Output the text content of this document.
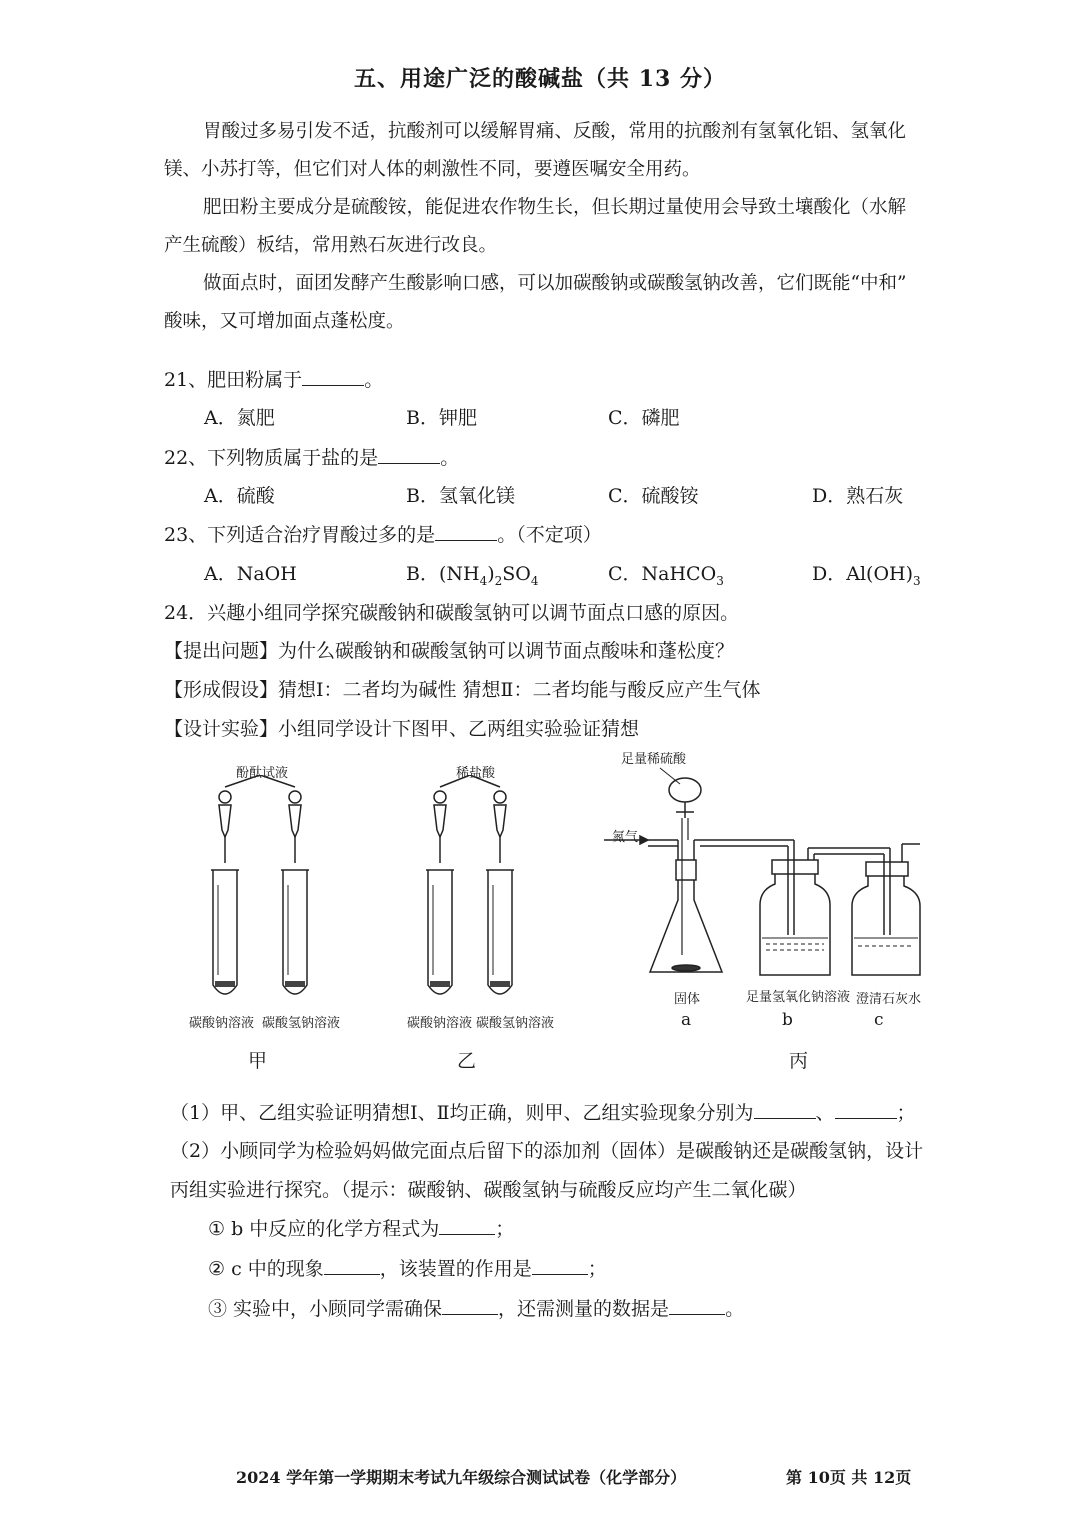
五、用途广泛的酸碱盐（共 13 分）
胃酸过多易引发不适，抗酸剂可以缓解胃痛、反酸，常用的抗酸剂有氢氧化铝、氢氧化
镁、小苏打等，但它们对人体的刺激性不同，要遵医嘱安全用药。
肥田粉主要成分是硫酸铵，能促进农作物生长，但长期过量使用会导致土壤酸化（水解
产生硫酸）板结，常用熟石灰进行改良。
做面点时，面团发酵产生酸影响口感，可以加碳酸钠或碳酸氢钠改善，它们既能“中和”
酸味，又可增加面点蓬松度。
21、肥田粉属于	。
A．氮肥	B．钾肥	C．磷肥
22、下列物质属于盐的是	。
A．硫酸	B．氢氧化镁	C．硫酸铵	D．熟石灰
23、下列适合治疗胃酸过多的是	。（不定项）
A．NaOH	B．$(NH_4)_2SO_4$	C．NaHCO$_3$	D．$Al(OH)_3$
24．兴趣小组同学探究碳酸钠和碳酸氢钠可以调节面点口感的原因。
【提出问题】为什么碳酸钠和碳酸氢钠可以调节面点酸味和蓬松度？
【形成假设】猜想Ⅰ：二者均为碱性 猜想Ⅱ：二者均能与酸反应产生气体
【设计实验】小组同学设计下图甲、乙两组实验验证猜想
酚酞试液
碳酸钠溶液 碳酸氢钠溶液
甲
稀盐酸
碳酸钠溶液 碳酸氢钠溶液
乙
足量稀硫酸
氮气
固体	足量氢氧化钠溶液 澄清石灰水
a	b	c
丙
（1）甲、乙组实验证明猜想Ⅰ、Ⅱ均正确，则甲、乙组实验现象分别为	、	；
（2）小顾同学为检验妈妈做完面点后留下的添加剂（固体）是碳酸钠还是碳酸氢钠，设计
丙组实验进行探究。（提示：碳酸钠、碳酸氢钠与硫酸反应均产生二氧化碳）
① b 中反应的化学方程式为	；
② c 中的现象	，该装置的作用是	；
③ 实验中，小顾同学需确保	，还需测量的数据是	。
2024 学年第一学期期末考试九年级综合测试试卷（化学部分）	第 10页 共 12页
